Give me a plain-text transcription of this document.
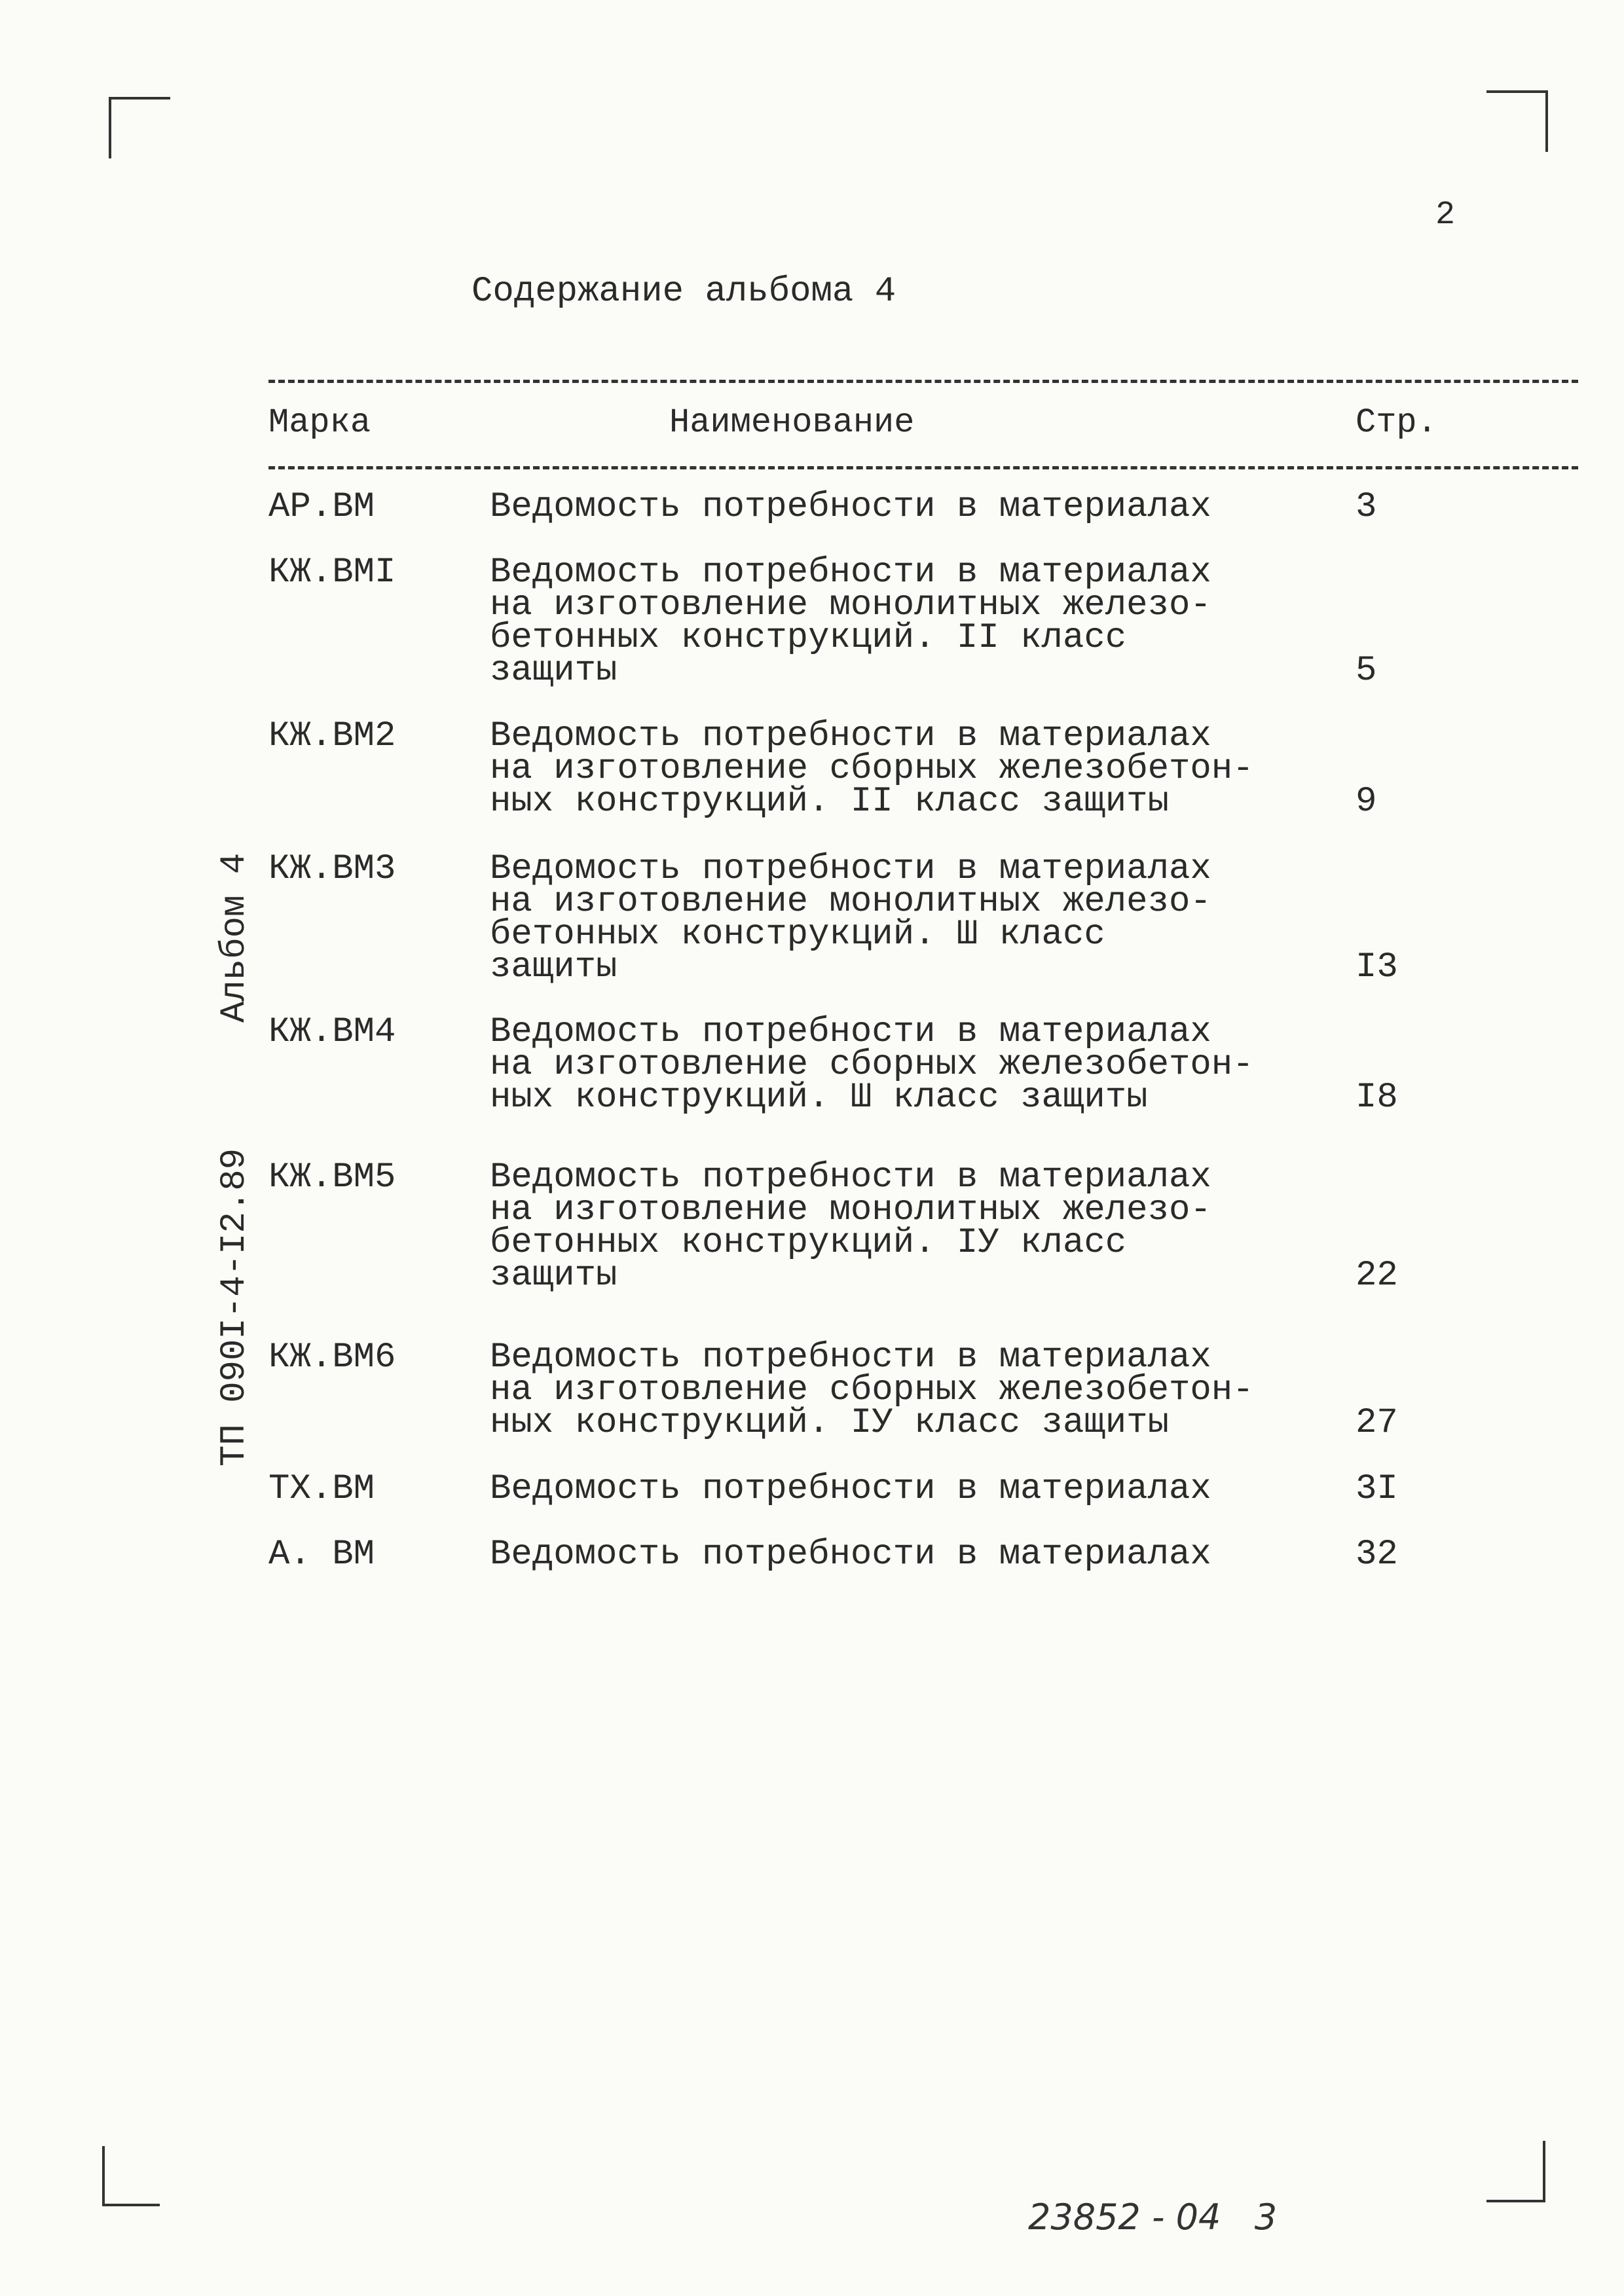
2
Содержание альбома 4
Марка	Наименование	Стр.
АР.ВМ	Ведомость потребности в материалах	3
КЖ.ВМI	Ведомость потребности в материалах
на изготовление монолитных железо-
бетонных конструкций. II класс
защиты	5
КЖ.ВМ2	Ведомость потребности в материалах
на изготовление сборных железобетон-
ных конструкций. II класс защиты	9
КЖ.ВМ3	Ведомость потребности в материалах
на изготовление монолитных железо-
бетонных конструкций. Ш класс
защиты	I3
КЖ.ВМ4	Ведомость потребности в материалах
на изготовление сборных железобетон-
ных конструкций. Ш класс защиты	I8
КЖ.ВМ5	Ведомость потребности в материалах
на изготовление монолитных железо-
бетонных конструкций. IУ класс
защиты	22
КЖ.ВМ6	Ведомость потребности в материалах
на изготовление сборных железобетон-
ных конструкций. IУ класс защиты	27
ТХ.ВМ	Ведомость потребности в материалах	3I
А. ВМ	Ведомость потребности в материалах	32
Альбом 4
ТП 090I-4-I2.89
23852 - 04   3
